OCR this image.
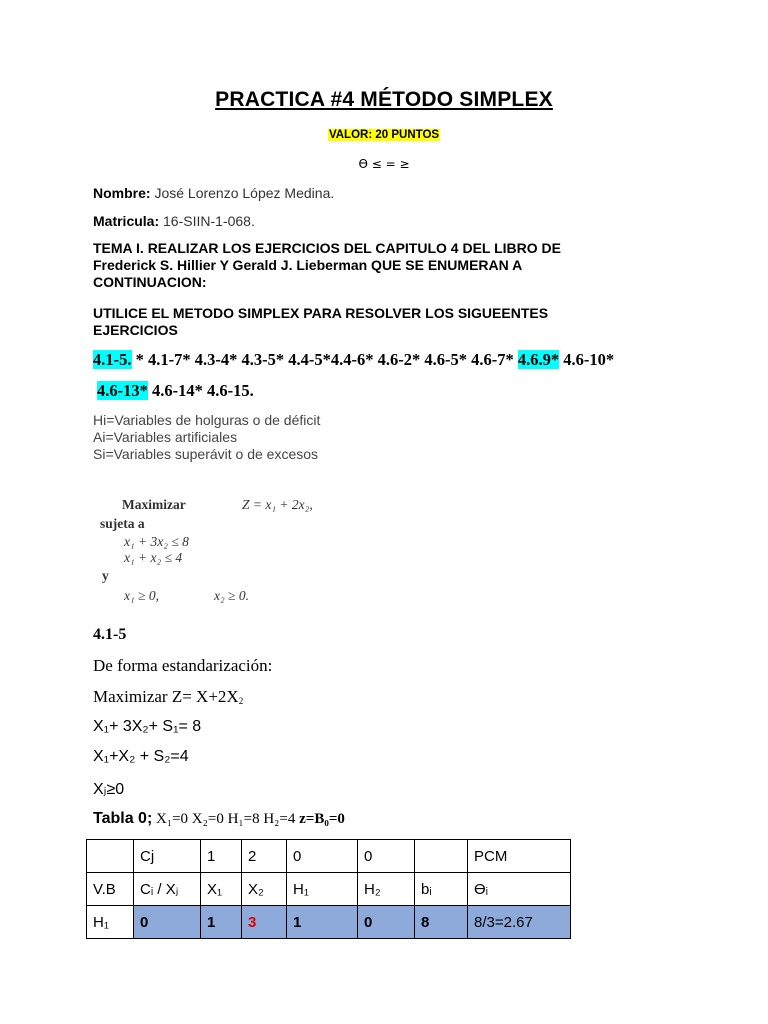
PRACTICA #4 MÉTODO SIMPLEX
VALOR: 20 PUNTOS
ϴ ≤ = ≥
Nombre: José Lorenzo López Medina.
Matricula: 16-SIIN-1-068.
TEMA I. REALIZAR LOS EJERCICIOS DEL CAPITULO 4 DEL LIBRO DE
Frederick S. Hillier Y Gerald J. Lieberman QUE SE ENUMERAN A
CONTINUACION:
UTILICE EL METODO SIMPLEX PARA RESOLVER LOS SIGUEENTES
EJERCICIOS
4.1-5. * 4.1-7* 4.3-4* 4.3-5* 4.4-5*4.4-6* 4.6-2* 4.6-5* 4.6-7* 4.6.9* 4.6-10*
4.6-13* 4.6-14* 4.6-15.
Hi=Variables de holguras o de déficit
Ai=Variables artificiales
Si=Variables superávit o de excesos
Maximizar	Z = x₁ + 2x₂,
sujeta a
x₁ + 3x₂ ≤ 8
x₁ + x₂ ≤ 4
y
x₁ ≥ 0,	x₂ ≥ 0.
4.1-5
De forma estandarización:
Maximizar $Z= X+2X_2$
X₁+ 3X₂+ S₁= 8
X₁+X₂ + S₂=4
Xⱼ≥0
Tabla 0; X₁=0 X₂=0 H₁=8 H₂=4 z=B₀=0
	Cj	1	2	0	0		PCM
V.B	Cᵢ / Xⱼ	X₁	X₂	H₁	H₂	bᵢ	ϴᵢ
H₁	0	1	3	1	0	8	8/3=2.67
